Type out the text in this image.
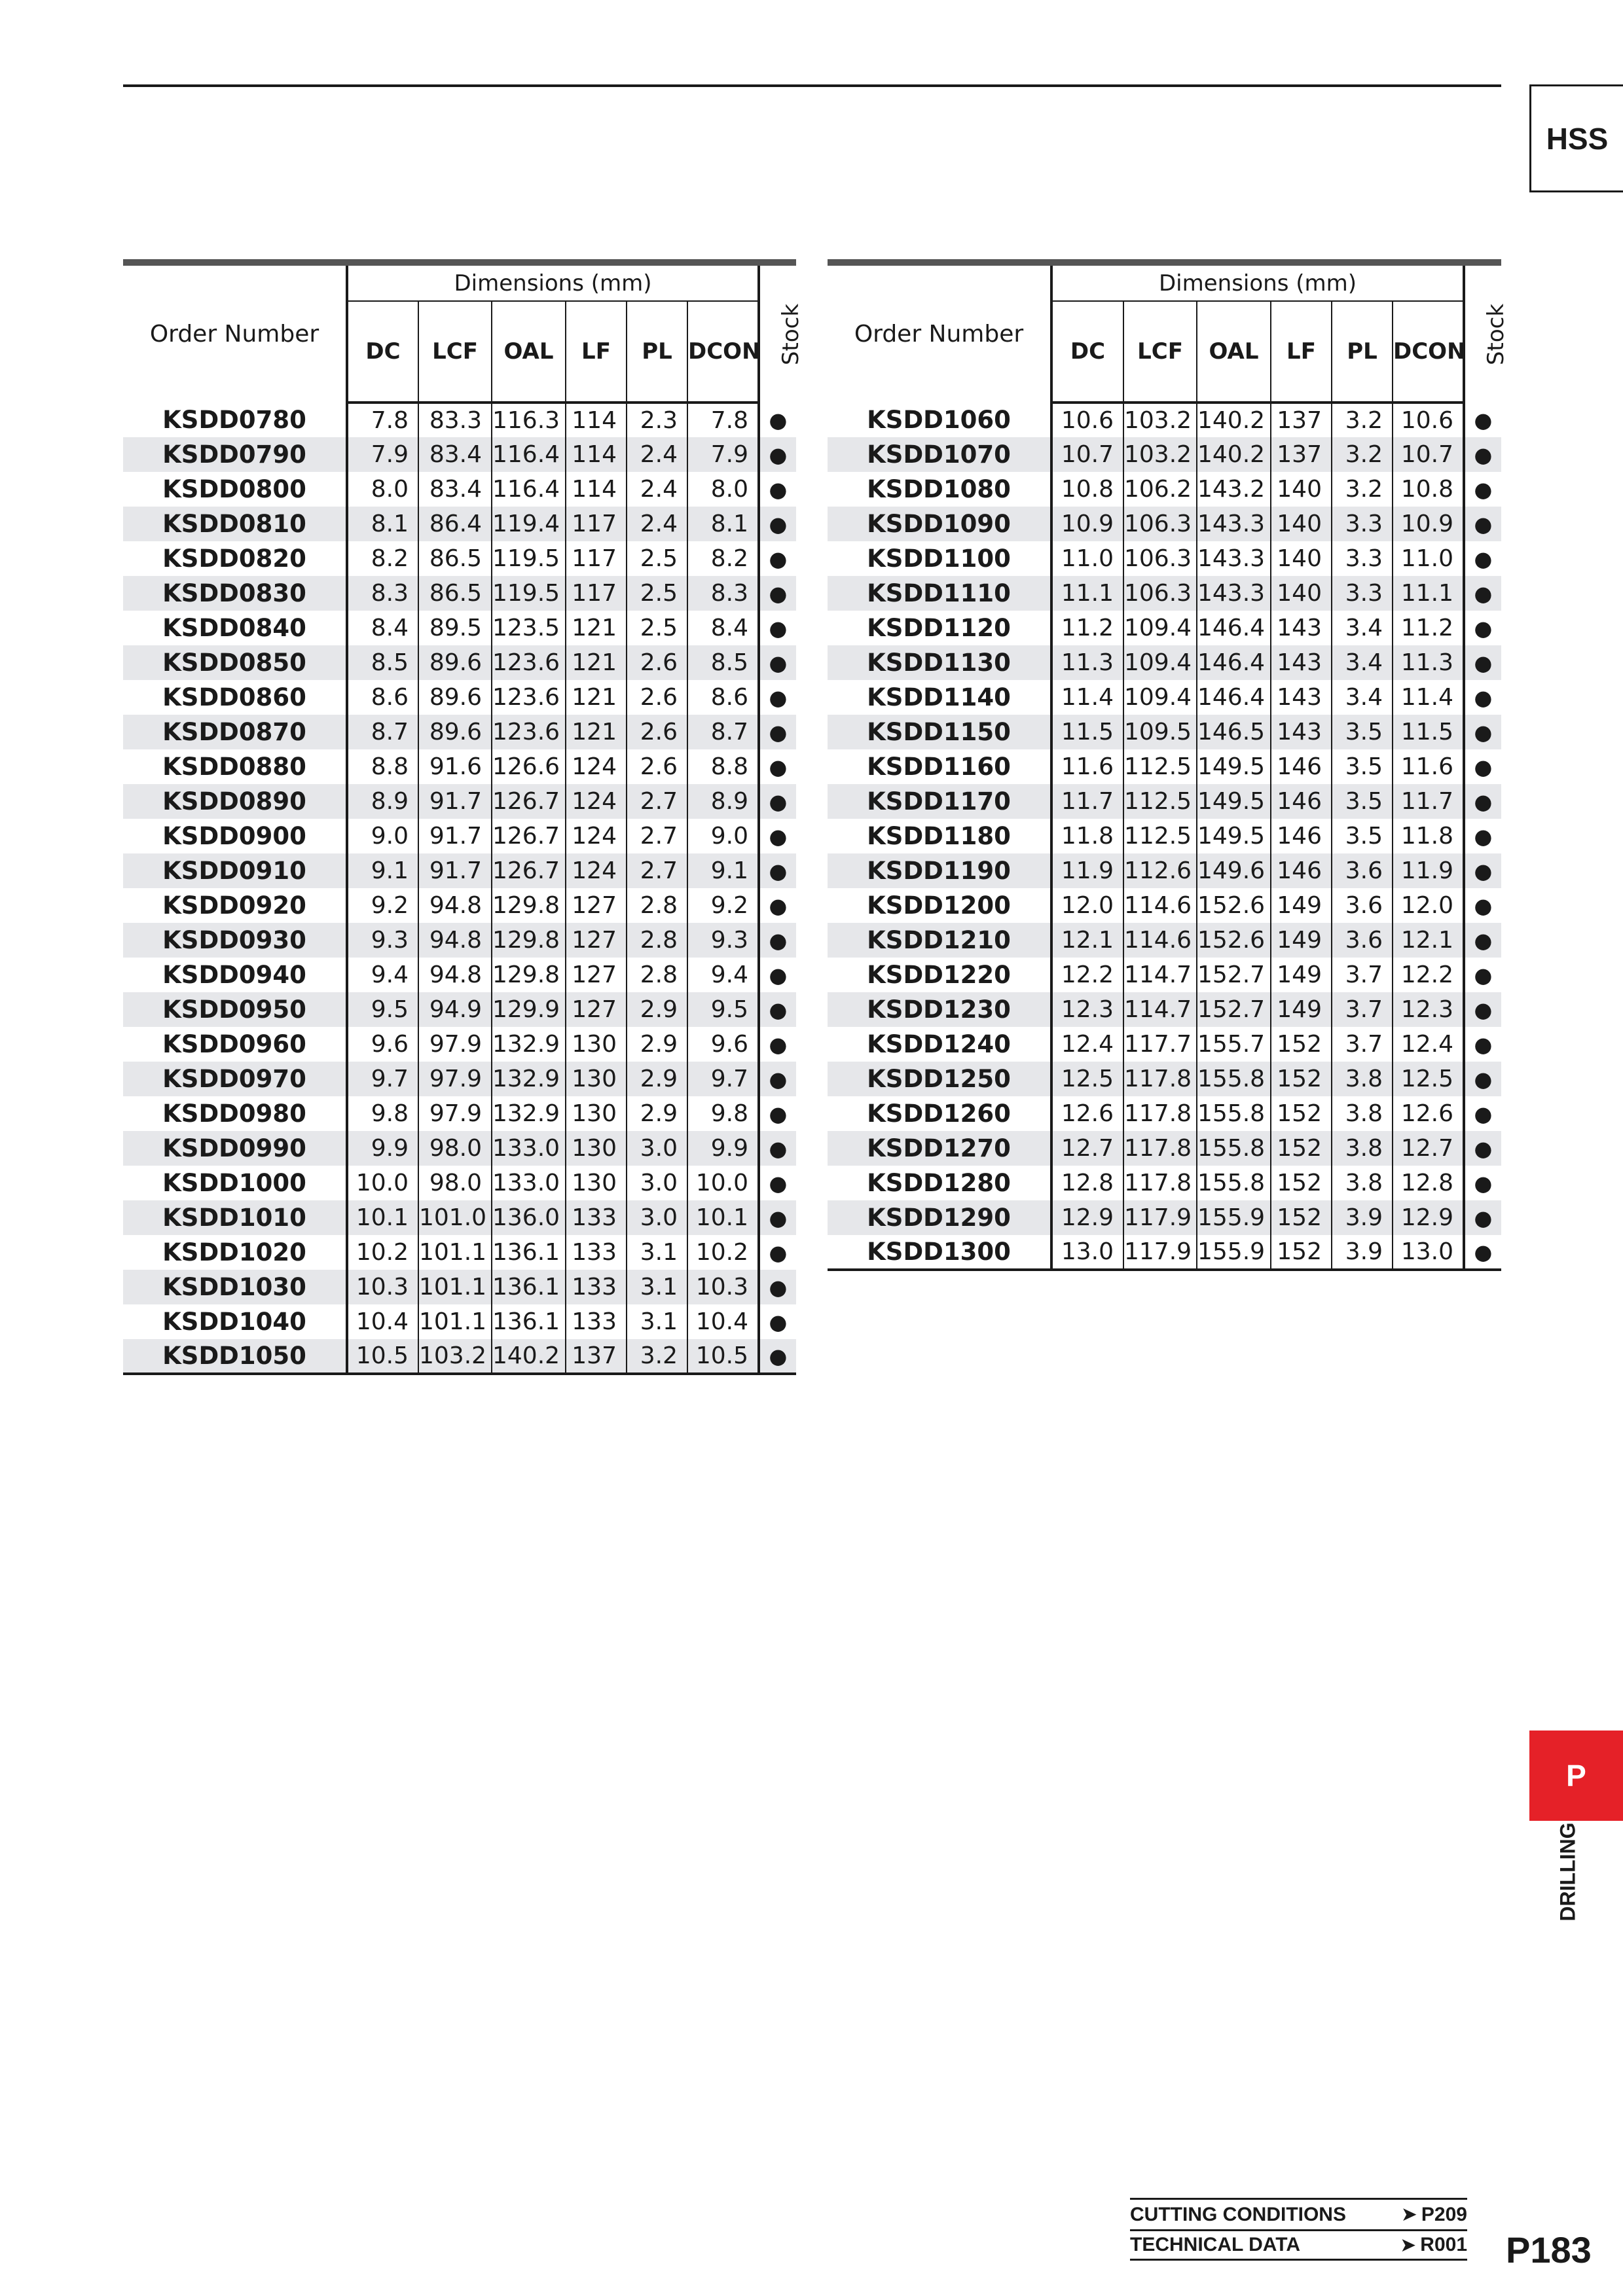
HSS
Order Number	Dimensions (mm)						Stock
	DC	LCF	OAL	LF	PL	DCON	
KSDD0780	7.8	83.3	116.3	114	2.3	7.8	●
KSDD0790	7.9	83.4	116.4	114	2.4	7.9	●
KSDD0800	8.0	83.4	116.4	114	2.4	8.0	●
KSDD0810	8.1	86.4	119.4	117	2.4	8.1	●
KSDD0820	8.2	86.5	119.5	117	2.5	8.2	●
KSDD0830	8.3	86.5	119.5	117	2.5	8.3	●
KSDD0840	8.4	89.5	123.5	121	2.5	8.4	●
KSDD0850	8.5	89.6	123.6	121	2.6	8.5	●
KSDD0860	8.6	89.6	123.6	121	2.6	8.6	●
KSDD0870	8.7	89.6	123.6	121	2.6	8.7	●
KSDD0880	8.8	91.6	126.6	124	2.6	8.8	●
KSDD0890	8.9	91.7	126.7	124	2.7	8.9	●
KSDD0900	9.0	91.7	126.7	124	2.7	9.0	●
KSDD0910	9.1	91.7	126.7	124	2.7	9.1	●
KSDD0920	9.2	94.8	129.8	127	2.8	9.2	●
KSDD0930	9.3	94.8	129.8	127	2.8	9.3	●
KSDD0940	9.4	94.8	129.8	127	2.8	9.4	●
KSDD0950	9.5	94.9	129.9	127	2.9	9.5	●
KSDD0960	9.6	97.9	132.9	130	2.9	9.6	●
KSDD0970	9.7	97.9	132.9	130	2.9	9.7	●
KSDD0980	9.8	97.9	132.9	130	2.9	9.8	●
KSDD0990	9.9	98.0	133.0	130	3.0	9.9	●
KSDD1000	10.0	98.0	133.0	130	3.0	10.0	●
KSDD1010	10.1	101.0	136.0	133	3.0	10.1	●
KSDD1020	10.2	101.1	136.1	133	3.1	10.2	●
KSDD1030	10.3	101.1	136.1	133	3.1	10.3	●
KSDD1040	10.4	101.1	136.1	133	3.1	10.4	●
KSDD1050	10.5	103.2	140.2	137	3.2	10.5	●
Order Number	Dimensions (mm)						Stock
	DC	LCF	OAL	LF	PL	DCON	
KSDD1060	10.6	103.2	140.2	137	3.2	10.6	●
KSDD1070	10.7	103.2	140.2	137	3.2	10.7	●
KSDD1080	10.8	106.2	143.2	140	3.2	10.8	●
KSDD1090	10.9	106.3	143.3	140	3.3	10.9	●
KSDD1100	11.0	106.3	143.3	140	3.3	11.0	●
KSDD1110	11.1	106.3	143.3	140	3.3	11.1	●
KSDD1120	11.2	109.4	146.4	143	3.4	11.2	●
KSDD1130	11.3	109.4	146.4	143	3.4	11.3	●
KSDD1140	11.4	109.4	146.4	143	3.4	11.4	●
KSDD1150	11.5	109.5	146.5	143	3.5	11.5	●
KSDD1160	11.6	112.5	149.5	146	3.5	11.6	●
KSDD1170	11.7	112.5	149.5	146	3.5	11.7	●
KSDD1180	11.8	112.5	149.5	146	3.5	11.8	●
KSDD1190	11.9	112.6	149.6	146	3.6	11.9	●
KSDD1200	12.0	114.6	152.6	149	3.6	12.0	●
KSDD1210	12.1	114.6	152.6	149	3.6	12.1	●
KSDD1220	12.2	114.7	152.7	149	3.7	12.2	●
KSDD1230	12.3	114.7	152.7	149	3.7	12.3	●
KSDD1240	12.4	117.7	155.7	152	3.7	12.4	●
KSDD1250	12.5	117.8	155.8	152	3.8	12.5	●
KSDD1260	12.6	117.8	155.8	152	3.8	12.6	●
KSDD1270	12.7	117.8	155.8	152	3.8	12.7	●
KSDD1280	12.8	117.8	155.8	152	3.8	12.8	●
KSDD1290	12.9	117.9	155.9	152	3.9	12.9	●
KSDD1300	13.0	117.9	155.9	152	3.9	13.0	●
P
DRILLING
CUTTING CONDITIONS	➤ P209
TECHNICAL DATA	➤ R001 P183
